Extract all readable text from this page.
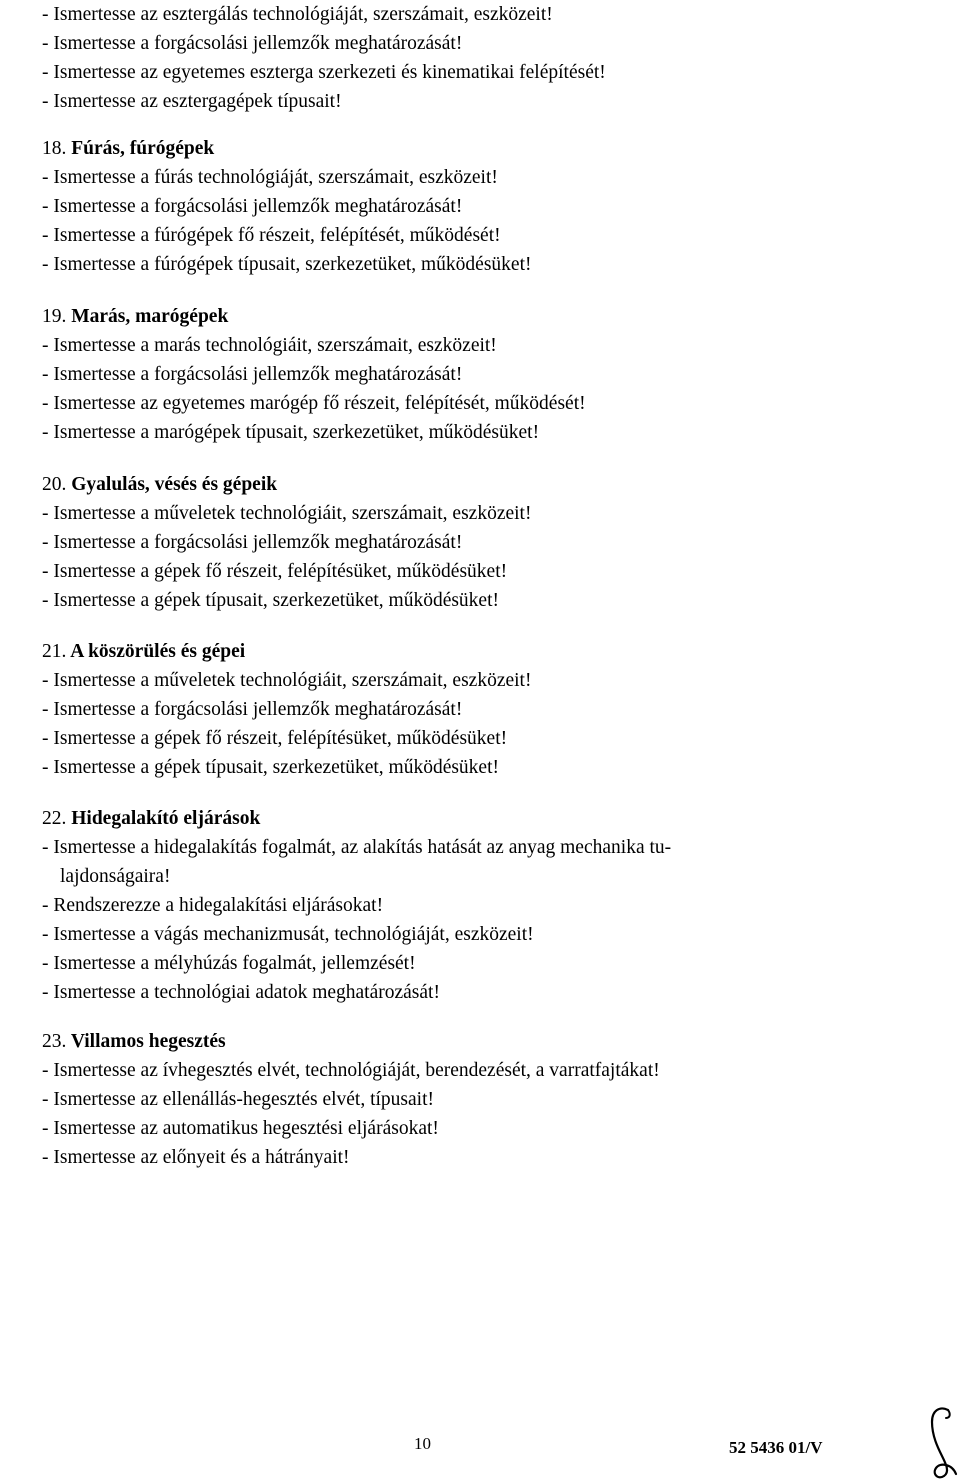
- Ismertesse az esztergálás technológiáját, szerszámait, eszközeit!
- Ismertesse a forgácsolási jellemzők meghatározását!
- Ismertesse az egyetemes eszterga szerkezeti és kinematikai felépítését!
- Ismertesse az esztergagépek típusait!
18. Fúrás, fúrógépek
- Ismertesse a fúrás technológiáját, szerszámait, eszközeit!
- Ismertesse a forgácsolási jellemzők meghatározását!
- Ismertesse a fúrógépek fő részeit, felépítését, működését!
- Ismertesse a fúrógépek típusait, szerkezetüket, működésüket!
19. Marás, marógépek
- Ismertesse a marás technológiáit, szerszámait, eszközeit!
- Ismertesse a forgácsolási jellemzők meghatározását!
- Ismertesse az egyetemes marógép fő részeit, felépítését, működését!
- Ismertesse a marógépek típusait, szerkezetüket, működésüket!
20. Gyalulás, vésés és gépeik
- Ismertesse a műveletek technológiáit, szerszámait, eszközeit!
- Ismertesse a forgácsolási jellemzők meghatározását!
- Ismertesse a gépek fő részeit, felépítésüket, működésüket!
- Ismertesse a gépek típusait, szerkezetüket, működésüket!
21. A köszörülés és gépei
- Ismertesse a műveletek technológiáit, szerszámait, eszközeit!
- Ismertesse a forgácsolási jellemzők meghatározását!
- Ismertesse a gépek fő részeit, felépítésüket, működésüket!
- Ismertesse a gépek típusait, szerkezetüket, működésüket!
22. Hidegalakító eljárások
- Ismertesse a hidegalakítás fogalmát, az alakítás hatását az anyag mechanika tu-
lajdonságaira!
- Rendszerezze a hidegalakítási eljárásokat!
- Ismertesse a vágás mechanizmusát, technológiáját, eszközeit!
- Ismertesse a mélyhúzás fogalmát, jellemzését!
- Ismertesse a technológiai adatok meghatározását!
23. Villamos hegesztés
- Ismertesse az ívhegesztés elvét, technológiáját, berendezését, a varratfajtákat!
- Ismertesse az ellenállás-hegesztés elvét, típusait!
- Ismertesse az automatikus hegesztési eljárásokat!
- Ismertesse az előnyeit és a hátrányait!
10	52 5436 01/V
